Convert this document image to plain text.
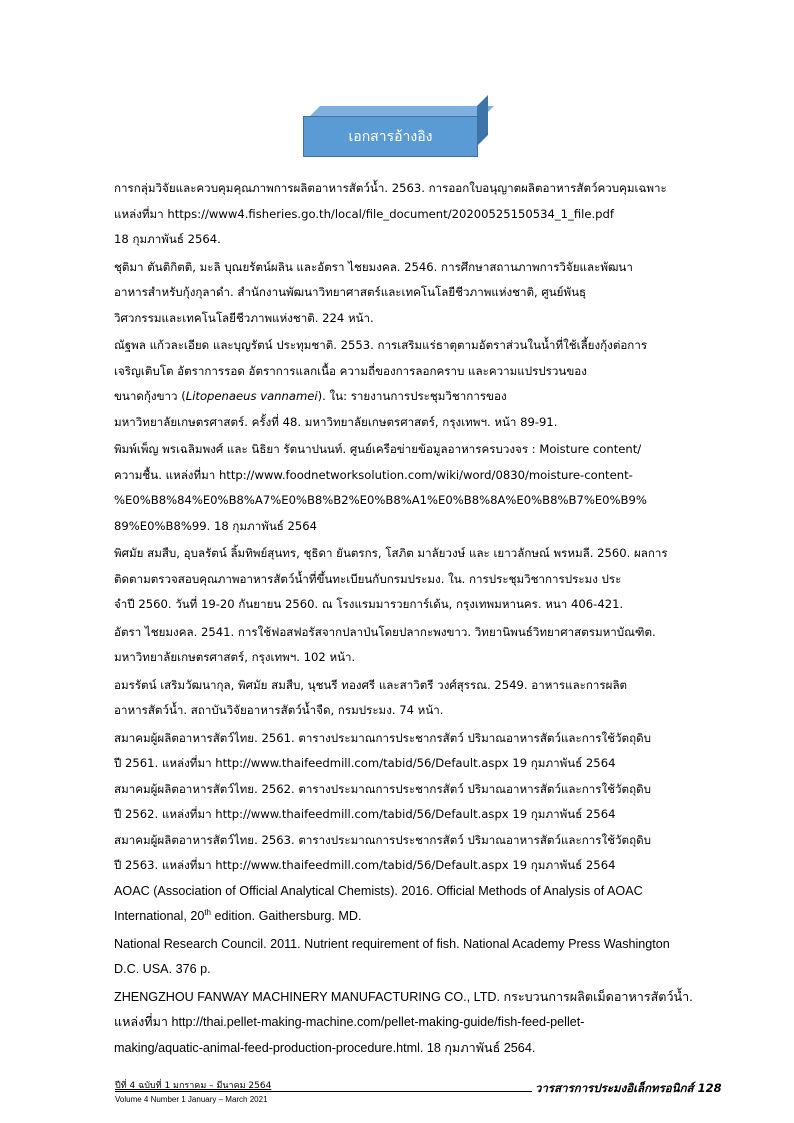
เอกสารอ้างอิง

การกลุ่มวิจัยและควบคุมคุณภาพการผลิตอาหารสัตว์น้ำ. 2563. การออกใบอนุญาตผลิตอาหารสัตว์ควบคุมเฉพาะ
แหล่งที่มา https://www4.fisheries.go.th/local/file_document/20200525150534_1_file.pdf
18 กุมภาพันธ์ 2564.

ชุติมา ตันติกิตติ, มะลิ บุณยรัตน์ผลิน และอัตรา ไชยมงคล. 2546. การศึกษาสถานภาพการวิจัยและพัฒนา
อาหารสำหรับกุ้งกุลาดำ. สำนักงานพัฒนาวิทยาศาสตร์และเทคโนโลยีชีวภาพแห่งชาติ, ศูนย์พันธุ
วิศวกรรมและเทคโนโลยีชีวภาพแห่งชาติ. 224 หน้า.

ณัฐพล แก้วละเอียด และบุญรัตน์ ประทุมชาติ. 2553. การเสริมแร่ธาตุตามอัตราส่วนในน้ำที่ใช้เลี้ยงกุ้งต่อการ
เจริญเติบโต อัตราการรอด อัตราการแลกเนื้อ ความถี่ของการลอกคราบ และความแปรปรวนของ
ขนาดกุ้งขาว (Litopenaeus vannamei). ใน: รายงานการประชุมวิชาการของ
มหาวิทยาลัยเกษตรศาสตร์. ครั้งที่ 48. มหาวิทยาลัยเกษตรศาสตร์, กรุงเทพฯ. หน้า 89-91.

พิมพ์เพ็ญ พรเฉลิมพงศ์ และ นิธิยา รัตนาปนนท์. ศูนย์เครือข่ายข้อมูลอาหารครบวงจร : Moisture content/
ความชื้น. แหล่งที่มา http://www.foodnetworksolution.com/wiki/word/0830/moisture-content-
%E0%B8%84%E0%B8%A7%E0%B8%B2%E0%B8%A1%E0%B8%8A%E0%B8%B7%E0%B9%
89%E0%B8%99. 18 กุมภาพันธ์ 2564

พิศมัย สมสืบ, อุบลรัตน์ ลิ้มทิพย์สุนทร, ชุธิดา ยันตรกร, โสภิต มาลัยวงษ์ และ เยาวลักษณ์ พรหมลี. 2560. ผลการ
ติดตามตรวจสอบคุณภาพอาหารสัตว์น้ำที่ขึ้นทะเบียนกับกรมประมง. ใน. การประชุมวิชาการประมง ประ
จำปี 2560. วันที่ 19-20 กันยายน 2560. ณ โรงแรมมารวยการ์เด้น, กรุงเทพมหานคร. หนา 406-421.

อัตรา ไชยมงคล. 2541. การใช้ฟอสฟอรัสจากปลาป่นโดยปลากะพงขาว. วิทยานิพนธ์วิทยาศาสตรมหาบัณฑิต.
มหาวิทยาลัยเกษตรศาสตร์, กรุงเทพฯ. 102 หน้า.

อมรรัตน์ เสริมวัฒนากุล, พิศมัย สมสืบ, นุชนรี ทองศรี และสาวิตรี วงศ์สุรรณ. 2549. อาหารและการผลิต
อาหารสัตว์น้ำ. สถาบันวิจัยอาหารสัตว์น้ำจืด, กรมประมง. 74 หน้า.

สมาคมผู้ผลิตอาหารสัตว์ไทย. 2561. ตารางประมาณการประชากรสัตว์ ปริมาณอาหารสัตว์และการใช้วัตถุดิบ
ปี 2561. แหล่งที่มา http://www.thaifeedmill.com/tabid/56/Default.aspx 19 กุมภาพันธ์ 2564

สมาคมผู้ผลิตอาหารสัตว์ไทย. 2562. ตารางประมาณการประชากรสัตว์ ปริมาณอาหารสัตว์และการใช้วัตถุดิบ
ปี 2562. แหล่งที่มา http://www.thaifeedmill.com/tabid/56/Default.aspx 19 กุมภาพันธ์ 2564

สมาคมผู้ผลิตอาหารสัตว์ไทย. 2563. ตารางประมาณการประชากรสัตว์ ปริมาณอาหารสัตว์และการใช้วัตถุดิบ
ปี 2563. แหล่งที่มา http://www.thaifeedmill.com/tabid/56/Default.aspx 19 กุมภาพันธ์ 2564

AOAC (Association of Official Analytical Chemists). 2016. Official Methods of Analysis of AOAC
International, 20th edition. Gaithersburg. MD.

National Research Council. 2011. Nutrient requirement of fish. National Academy Press Washington
D.C. USA. 376 p.

ZHENGZHOU FANWAY MACHINERY MANUFACTURING CO., LTD. กระบวนการผลิตเม็ดอาหารสัตว์น้ำ.
แหล่งที่มา http://thai.pellet-making-machine.com/pellet-making-guide/fish-feed-pellet-
making/aquatic-animal-feed-production-procedure.html. 18 กุมภาพันธ์ 2564.

ปีที่ 4 ฉบับที่ 1 มกราคม – มีนาคม 2564
Volume 4 Number 1 January – March 2021
วารสารการประมงอิเล็กทรอนิกส์ 128
